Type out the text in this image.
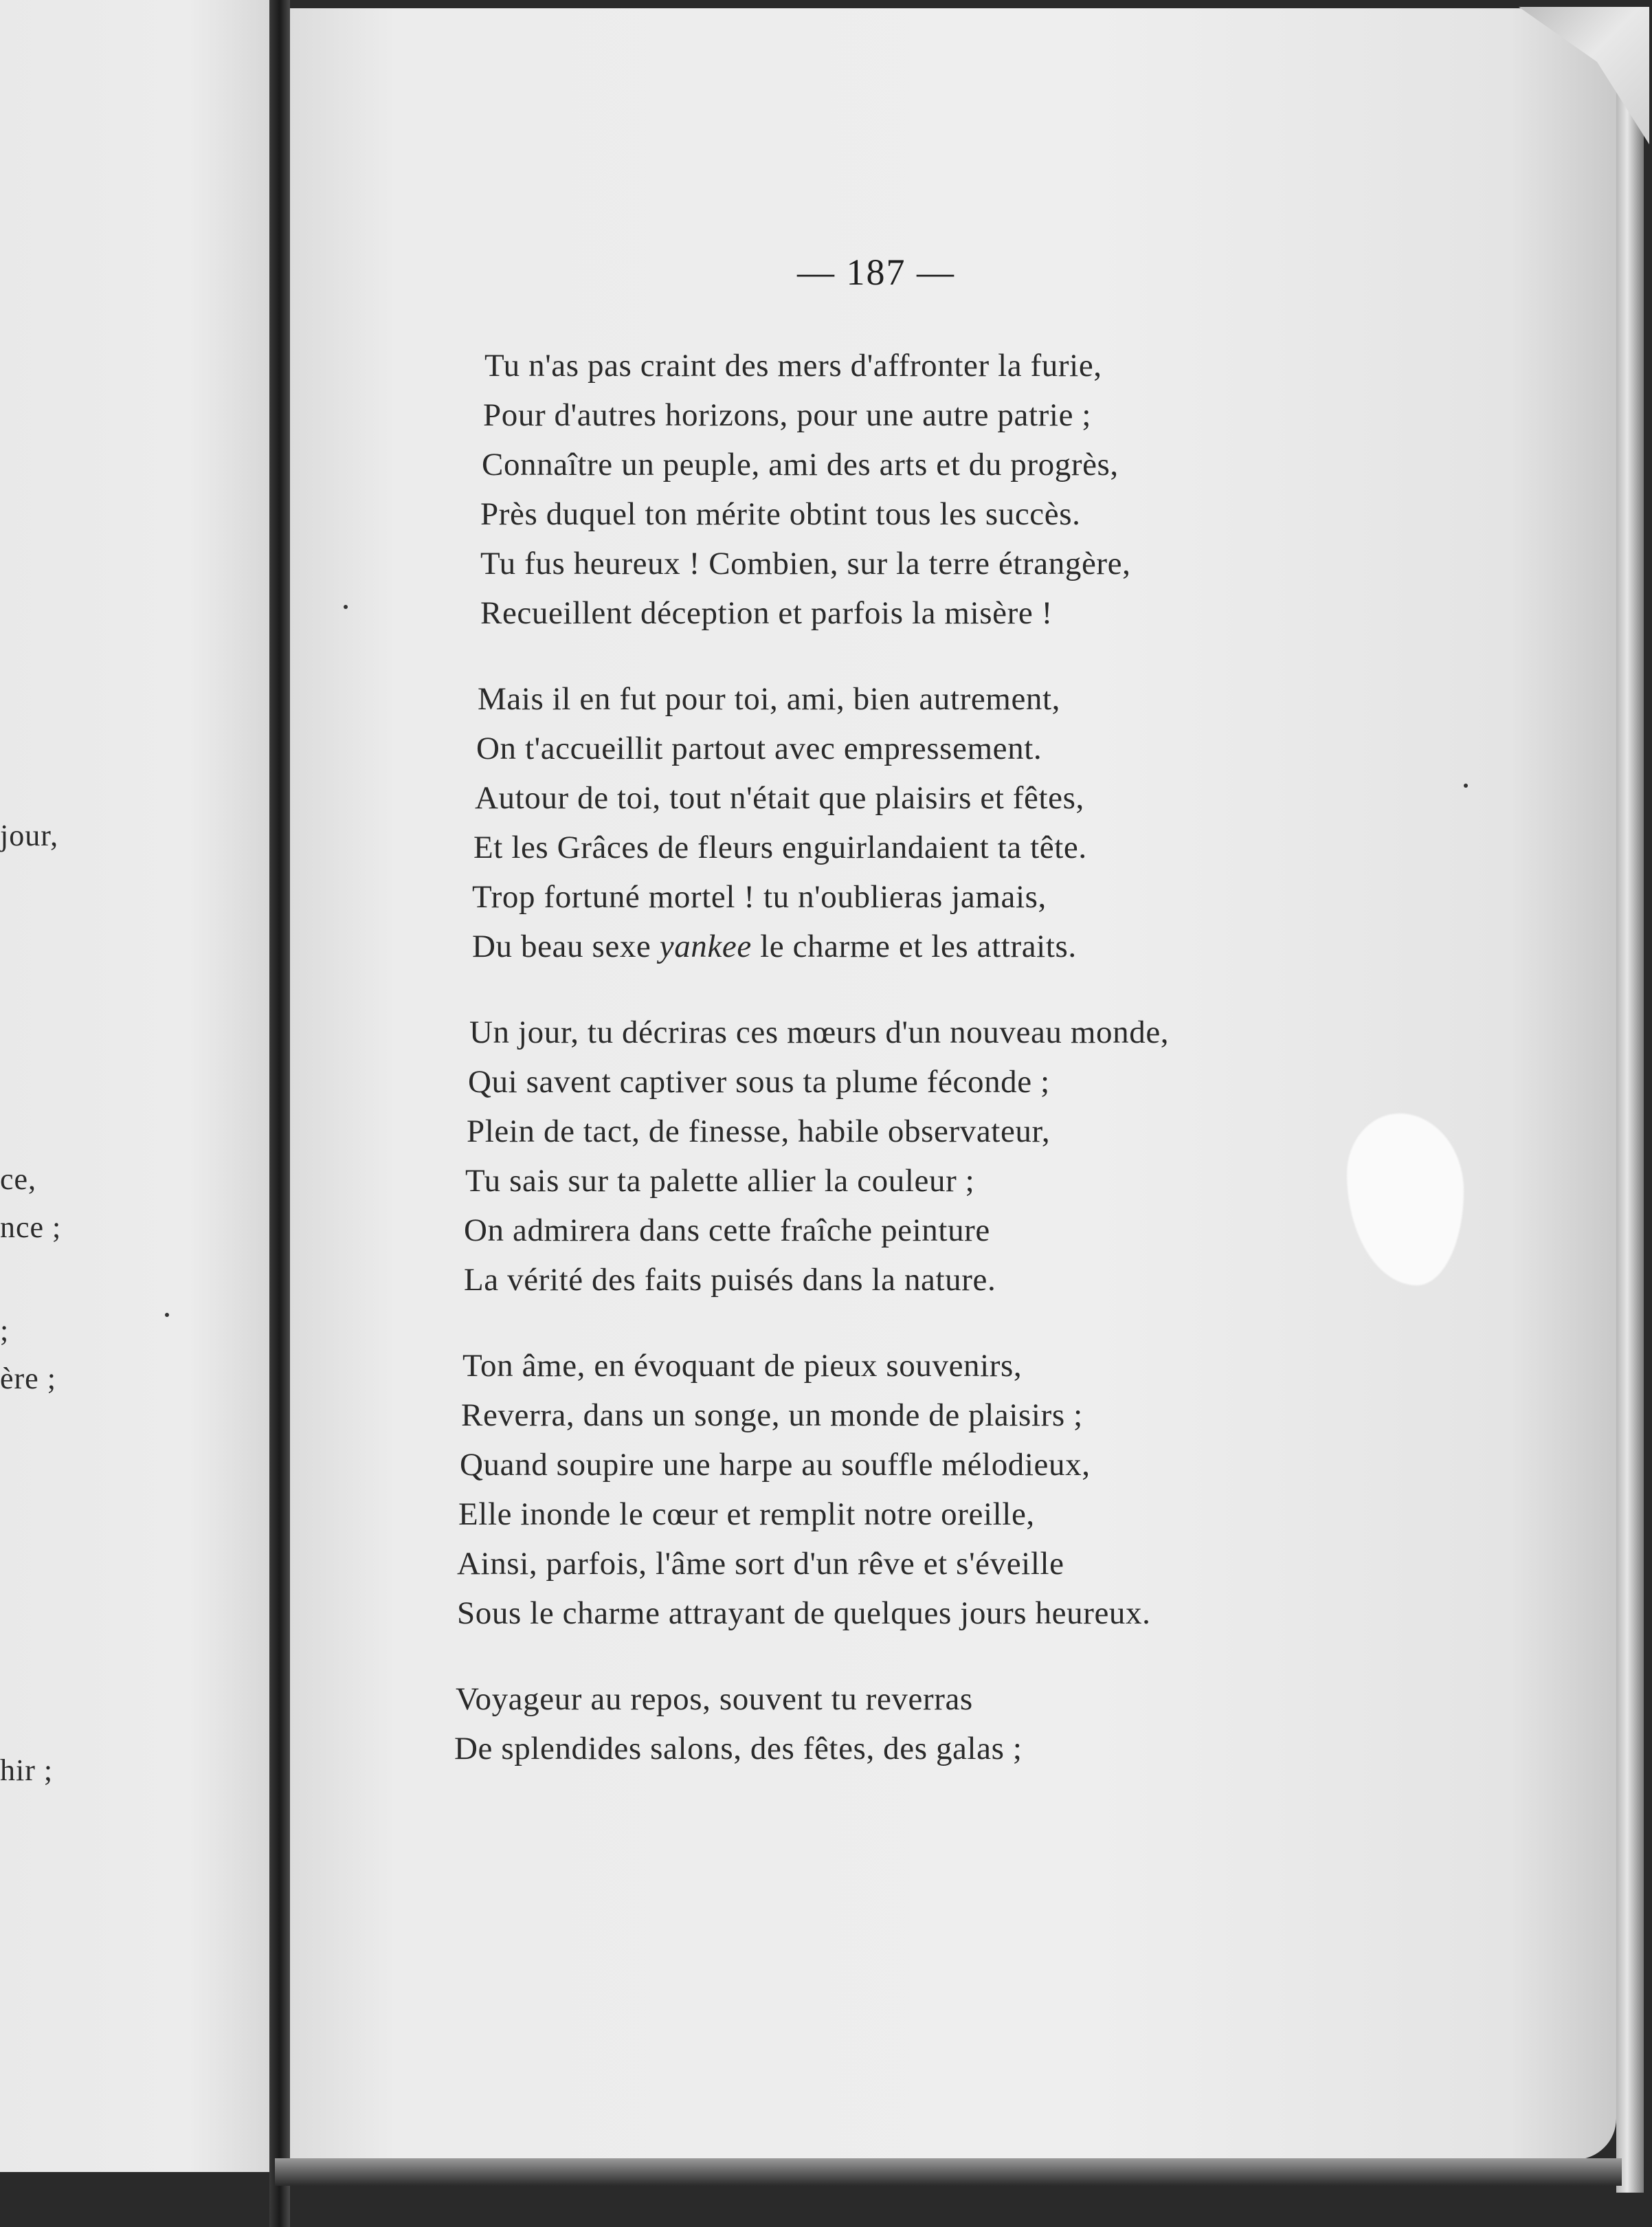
jour,
ce,
nce ;
;
ère ;
hir ;
— 187 —
Tu n'as pas craint des mers d'affronter la furie,
Pour d'autres horizons, pour une autre patrie ;
Connaître un peuple, ami des arts et du progrès,
Près duquel ton mérite obtint tous les succès.
Tu fus heureux ! Combien, sur la terre étrangère,
Recueillent déception et parfois la misère !
Mais il en fut pour toi, ami, bien autrement,
On t'accueillit partout avec empressement.
Autour de toi, tout n'était que plaisirs et fêtes,
Et les Grâces de fleurs enguirlandaient ta tête.
Trop fortuné mortel ! tu n'oublieras jamais,
Du beau sexe yankee le charme et les attraits.
Un jour, tu décriras ces mœurs d'un nouveau monde,
Qui savent captiver sous ta plume féconde ;
Plein de tact, de finesse, habile observateur,
Tu sais sur ta palette allier la couleur ;
On admirera dans cette fraîche peinture
La vérité des faits puisés dans la nature.
Ton âme, en évoquant de pieux souvenirs,
Reverra, dans un songe, un monde de plaisirs ;
Quand soupire une harpe au souffle mélodieux,
Elle inonde le cœur et remplit notre oreille,
Ainsi, parfois, l'âme sort d'un rêve et s'éveille
Sous le charme attrayant de quelques jours heureux.
Voyageur au repos, souvent tu reverras
De splendides salons, des fêtes, des galas ;
